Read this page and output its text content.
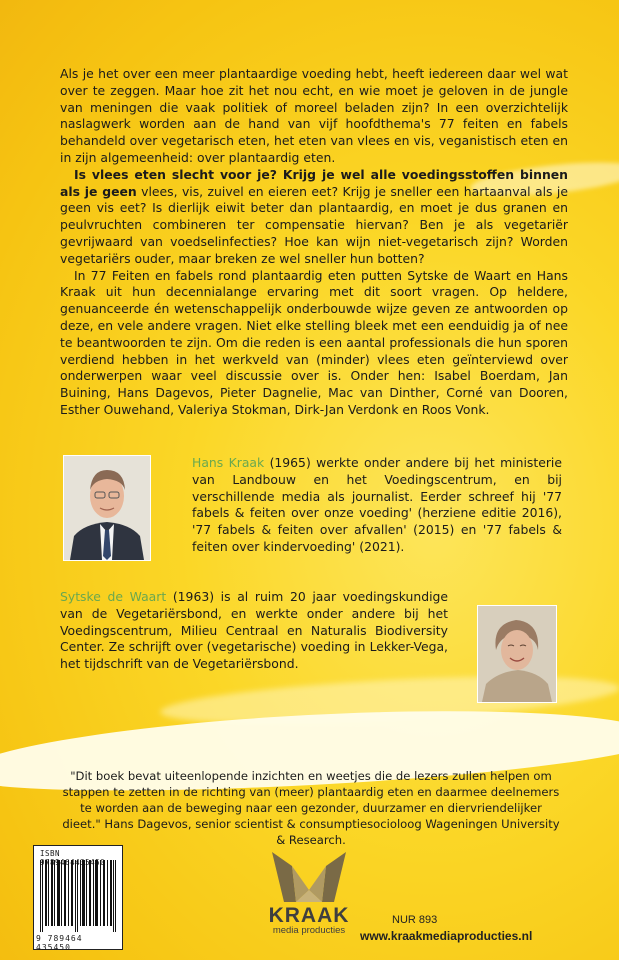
Als je het over een meer plantaardige voeding hebt, heeft iedereen daar wel wat over te zeggen. Maar hoe zit het nou echt, en wie moet je geloven in de jungle van meningen die vaak politiek of moreel beladen zijn? In een overzichtelijk naslagwerk worden aan de hand van vijf hoofdthema's 77 feiten en fabels behandeld over vegetarisch eten, het eten van vlees en vis, veganistisch eten en in zijn algemeenheid: over plantaardig eten.

Is vlees eten slecht voor je? Krijg je wel alle voedingsstoffen binnen als je geen vlees, vis, zuivel en eieren eet? Krijg je sneller een hartaanval als je geen vis eet? Is dierlijk eiwit beter dan plantaardig, en moet je dus granen en peulvruchten combineren ter compensatie hiervan? Ben je als vegetariër gevrijwaard van voedselinfecties? Hoe kan wijn niet-vegetarisch zijn? Worden vegetariërs ouder, maar breken ze wel sneller hun botten?

In 77 Feiten en fabels rond plantaardig eten putten Sytske de Waart en Hans Kraak uit hun decennialange ervaring met dit soort vragen. Op heldere, genuanceerde én wetenschappelijk onderbouwde wijze geven ze antwoorden op deze, en vele andere vragen. Niet elke stelling bleek met een eenduidig ja of nee te beantwoorden te zijn. Om die reden is een aantal professionals die hun sporen verdiend hebben in het werkveld van (minder) vlees eten geïnterviewd over onderwerpen waar veel discussie over is. Onder hen: Isabel Boerdam, Jan Buining, Hans Dagevos, Pieter Dagnelie, Mac van Dinther, Corné van Dooren, Esther Ouwehand, Valeriya Stokman, Dirk-Jan Verdonk en Roos Vonk.

Hans Kraak (1965) werkte onder andere bij het ministerie van Landbouw en het Voedingscentrum, en bij verschillende media als journalist. Eerder schreef hij '77 fabels & feiten over onze voeding' (herziene editie 2016), '77 fabels & feiten over afvallen' (2015) en '77 fabels & feiten over kindervoeding' (2021).
Sytske de Waart (1963) is al ruim 20 jaar voedingskundige van de Vegetariërsbond, en werkte onder andere bij het Voedingscentrum, Milieu Centraal en Naturalis Biodiversity Center. Ze schrijft over (vegetarische) voeding in Lekker-Vega, het tijdschrift van de Vegetariërsbond.
"Dit boek bevat uiteenlopende inzichten en weetjes die de lezers zullen helpen om stappen te zetten in de richting van (meer) plantaardig eten en daarmee deelnemers te worden aan de beweging naar een gezonder, duurzamer en diervriendelijker dieet." Hans Dagevos, senior scientist & consumptiesocioloog Wageningen University & Research.
ISBN
9 789464 435450
KRAAK
media producties
NUR 893
www.kraakmediaproducties.nl
